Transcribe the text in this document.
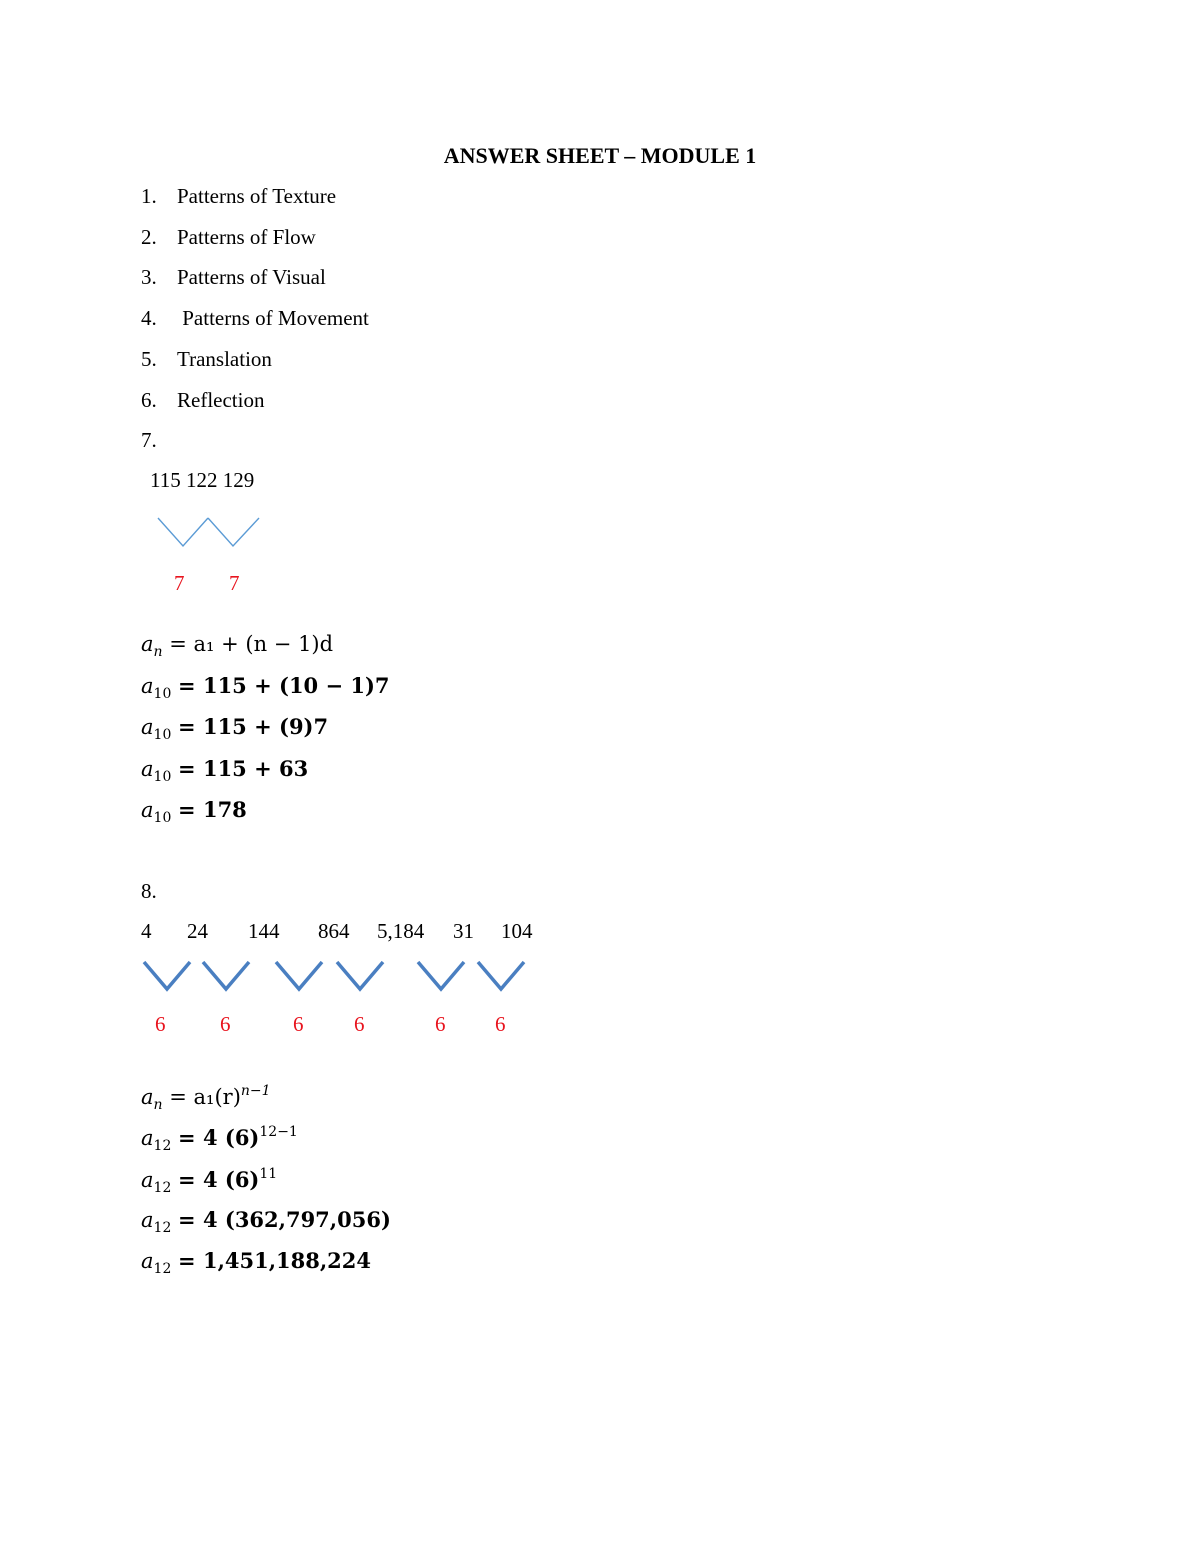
ANSWER SHEET – MODULE 1
1. Patterns of Texture
2. Patterns of Flow
3. Patterns of Visual
4. Patterns of Movement
5. Translation
6. Reflection
7.
115 122 129
7 7
$a_n = a_1 + (n - 1)d$
$a_{10} = 115 + (10 - 1)7$
$a_{10} = 115 + (9)7$
$a_{10} = 115 + 63$
$a_{10} = 178$
8.
4 24 144 864 5,184 31 104
6	6	6 6	6 6
$a_n = a_1(r)^{n-1}$
$a_{12} = 4$ $(6)^{12-1}$
$a_{12} = 4$ $(6)^{11}$
$a_{12} = 4$ (362,797,056)
$a_{12} = 1,451,188,224$
